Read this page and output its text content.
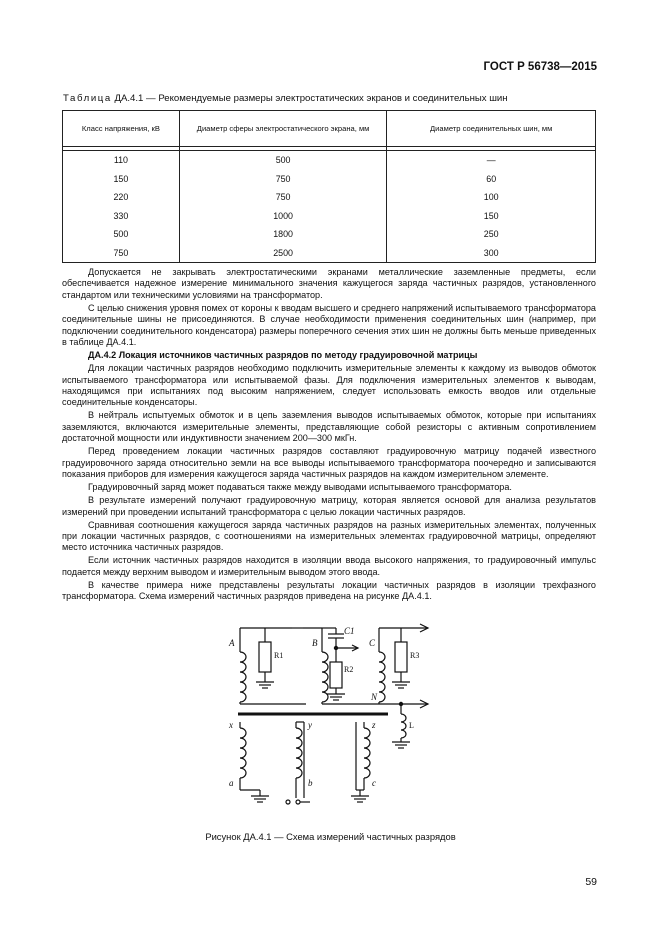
ГОСТ Р 56738—2015
Таблица ДА.4.1 — Рекомендуемые размеры электростатических экранов и соединительных шин
Класс напряжения, кВ	Диаметр сферы электростатического экрана, мм	Диаметр соединительных шин, мм

110	500	—
150	750	60
220	750	100
330	1000	150
500	1800	250
750	2500	300

Допускается не закрывать электростатическими экранами металлические заземленные предметы, если обеспечивается надежное измерение минимального значения кажущегося заряда частичных разрядов, установленного стандартом или техническими условиями на трансформатор.

С целью снижения уровня помех от короны к вводам высшего и среднего напряжений испытываемого трансформатора соединительные шины не присоединяются. В случае необходимости применения соединительных шин (например, при подключении соединительного конденсатора) размеры поперечного сечения этих шин не должны быть меньше приведенных в таблице ДА.4.1.

ДА.4.2 Локация источников частичных разрядов по методу градуировочной матрицы

Для локации частичных разрядов необходимо подключить измерительные элементы к каждому из выводов обмоток испытываемого трансформатора или испытываемой фазы. Для подключения измерительных элементов к выводам, находящимся при испытаниях под высоким напряжением, следует использовать емкость вводов или отдельные соединительные конденсаторы.

В нейтраль испытуемых обмоток и в цепь заземления выводов испытываемых обмоток, которые при испытаниях заземляются, включаются измерительные элементы, представляющие собой резисторы с активным сопротивлением достаточной мощности или индуктивности значением 200—300 мкГн.

Перед проведением локации частичных разрядов составляют градуировочную матрицу подачей известного градуировочного заряда относительно земли на все выводы испытываемого трансформатора поочередно и записываются показания приборов для измерения кажущегося заряда частичных разрядов на каждом измерительном элементе.

Градуировочный заряд может подаваться также между выводами испытываемого трансформатора.

В результате измерений получают градуировочную матрицу, которая является основой для анализа результатов измерений при проведении испытаний трансформатора с целью локации частичных разрядов.

Сравнивая соотношения кажущегося заряда частичных разрядов на разных измерительных элементах, полученных при локации частичных разрядов, с соотношениями на измерительных элементах градуировочной матрицы, определяют место источника частичных разрядов.

Если источник частичных разрядов находится в изоляции ввода высокого напряжения, то градуировочный импульс подается между верхним выводом и измерительным выводом этого ввода.

В качестве примера ниже представлены результаты локации частичных разрядов в изоляции трехфазного трансформатора. Схема измерений частичных разрядов приведена на рисунке ДА.4.1.

A	B	C
N
C1
R1
R2
R3
L
x	y	z
a	b	c
Рисунок ДА.4.1 — Схема измерений частичных разрядов
59
